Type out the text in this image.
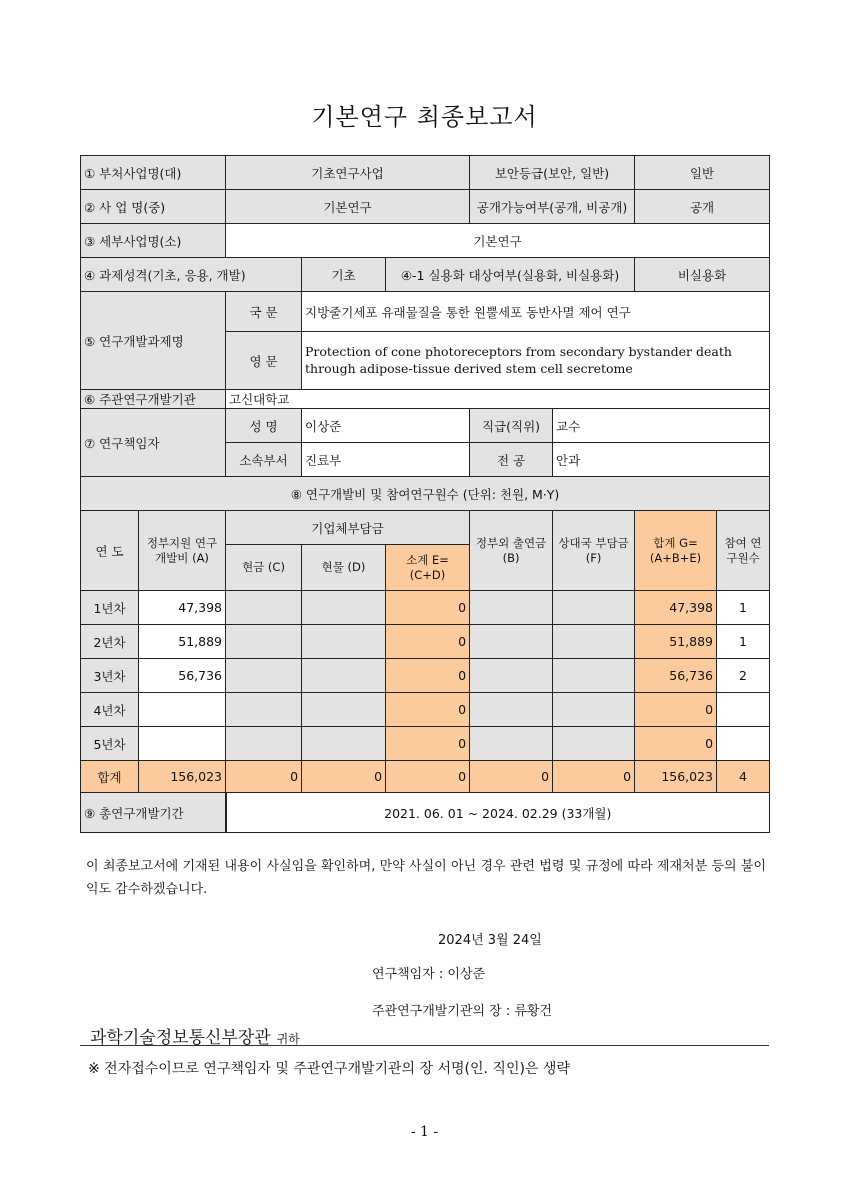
기본연구 최종보고서
① 부처사업명(대)		기초연구사업			보안등급(보안, 일반)		일반	
② 사 업 명(중)		기본연구			공개가능여부(공개, 비공개)		공개	
③ 세부사업명(소)		기본연구						
④ 과제성격(기초, 응용, 개발)			기초	④-1 실용화 대상여부(실용화, 비실용화)			비실용화	
⑤ 연구개발과제명		국 문	지방줄기세포 유래물질을 통한 원뿔세포 동반사멸 제어 연구					
		영 문	Protection of cone photoreceptors from secondary bystander death through adipose-tissue derived stem cell secretome					
⑥ 주관연구개발기관		고신대학교						
⑦ 연구책임자		성 명	이상준		직급(직위)	교수		
		소속부서	진료부		전 공	안과		
⑧ 연구개발비 및 참여연구원수 (단위: 천원, M·Y)								
연 도	정부지원 연구개발비 (A)	기업체부담금			정부외 출연금 (B)	상대국 부담금 (F)	합계 G=(A+B+E)	참여 연구원수
		현금 (C)	현물 (D)	소계 E=(C+D)				
1년차	47,398			0			47,398	1
2년차	51,889			0			51,889	1
3년차	56,736			0			56,736	2
4년차				0			0	
5년차				0			0	
합계	156,023	0	0	0	0	0	156,023	4
⑨ 총연구개발기간		2021. 06. 01 ~ 2024. 02.29 (33개월)						
이 최종보고서에 기재된 내용이 사실임을 확인하며, 만약 사실이 아닌 경우 관련 법령 및 규정에 따라 제재처분 등의 불이익도 감수하겠습니다.
2024년 3월 24일
연구책임자 : 이상준
주관연구개발기관의 장 : 류황건
과학기술정보통신부장관 귀하
※ 전자접수이므로 연구책임자 및 주관연구개발기관의 장 서명(인. 직인)은 생략
- 1 -
